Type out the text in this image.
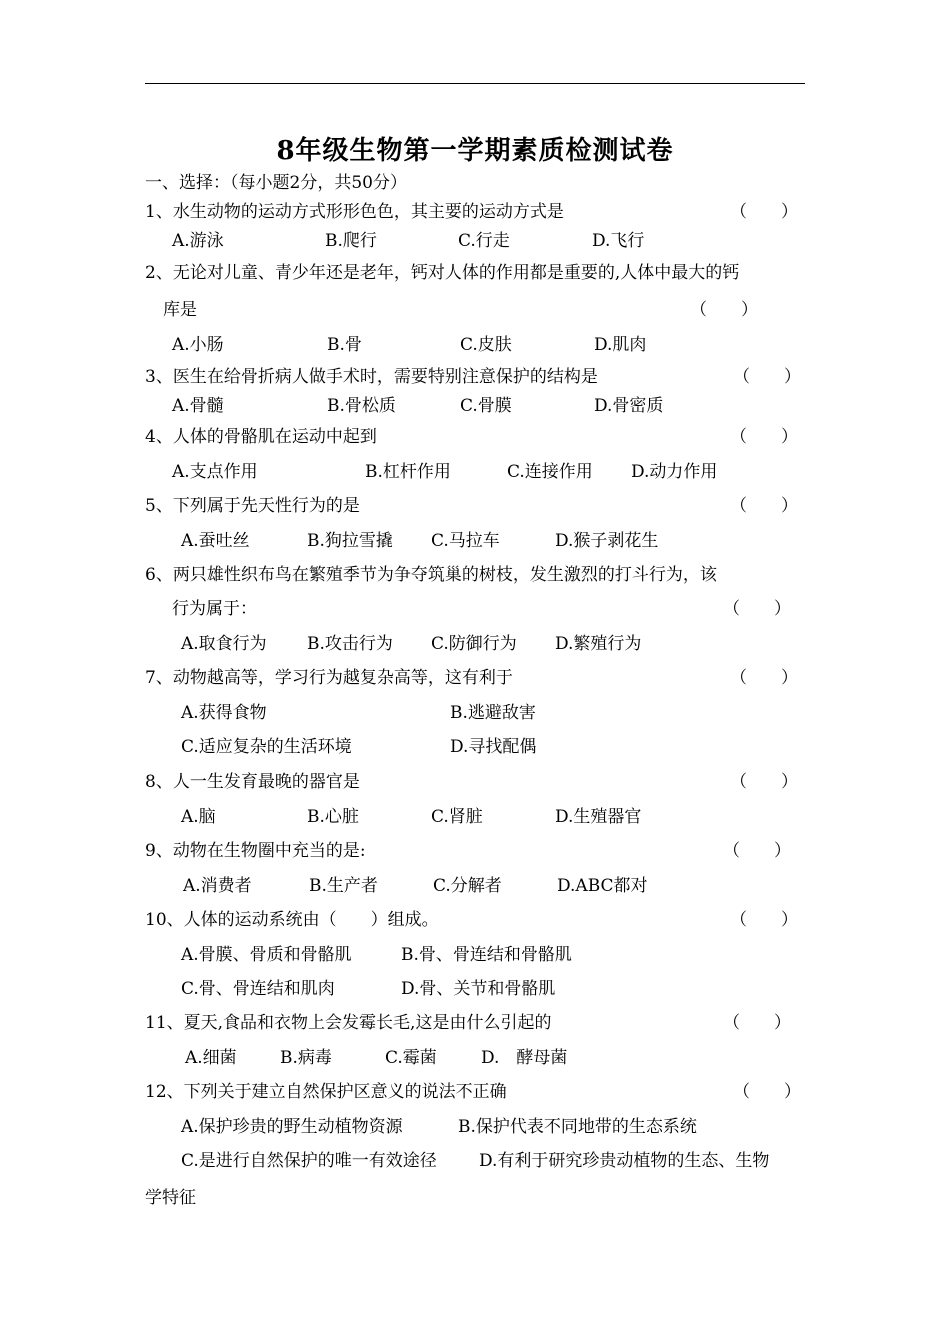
8年级生物第一学期素质检测试卷
一、选择：（每小题2分，共50分）
1、水生动物的运动方式形形色色，其主要的运动方式是	（　　）
A.游泳	B.爬行	C.行走	D.飞行
2、无论对儿童、青少年还是老年，钙对人体的作用都是重要的,人体中最大的钙
库是	（　　）
A.小肠	B.骨	C.皮肤	D.肌肉
3、医生在给骨折病人做手术时，需要特别注意保护的结构是	（　　）
A.骨髓	B.骨松质	C.骨膜	D.骨密质
4、人体的骨骼肌在运动中起到	（　　）
A.支点作用	B.杠杆作用	C.连接作用 D.动力作用
5、下列属于先天性行为的是	（　　）
A.蚕吐丝	B.狗拉雪撬 C.马拉车	D.猴子剥花生
6、两只雄性织布鸟在繁殖季节为争夺筑巢的树枝，发生激烈的打斗行为，该
行为属于：	（　　）
A.取食行为 B.攻击行为 C.防御行为 D.繁殖行为
7、动物越高等，学习行为越复杂高等，这有利于	（　　）
A.获得食物	B.逃避敌害
C.适应复杂的生活环境	D.寻找配偶
8、人一生发育最晚的器官是	（　　）
A.脑	B.心脏	C.肾脏	D.生殖器官
9、动物在生物圈中充当的是:	（　　）
A.消费者	B.生产者	C.分解者	D.ABC都对
10、人体的运动系统由（　　）组成。	（　　）
A.骨膜、骨质和骨骼肌	B.骨、骨连结和骨骼肌
C.骨、骨连结和肌肉	D.骨、关节和骨骼肌
11、夏天,食品和衣物上会发霉长毛,这是由什么引起的	（　　）
A.细菌	B.病毒	C.霉菌	D.　酵母菌
12、下列关于建立自然保护区意义的说法不正确	（　　）
A.保护珍贵的野生动植物资源	B.保护代表不同地带的生态系统
C.是进行自然保护的唯一有效途径 D.有利于研究珍贵动植物的生态、生物
学特征
